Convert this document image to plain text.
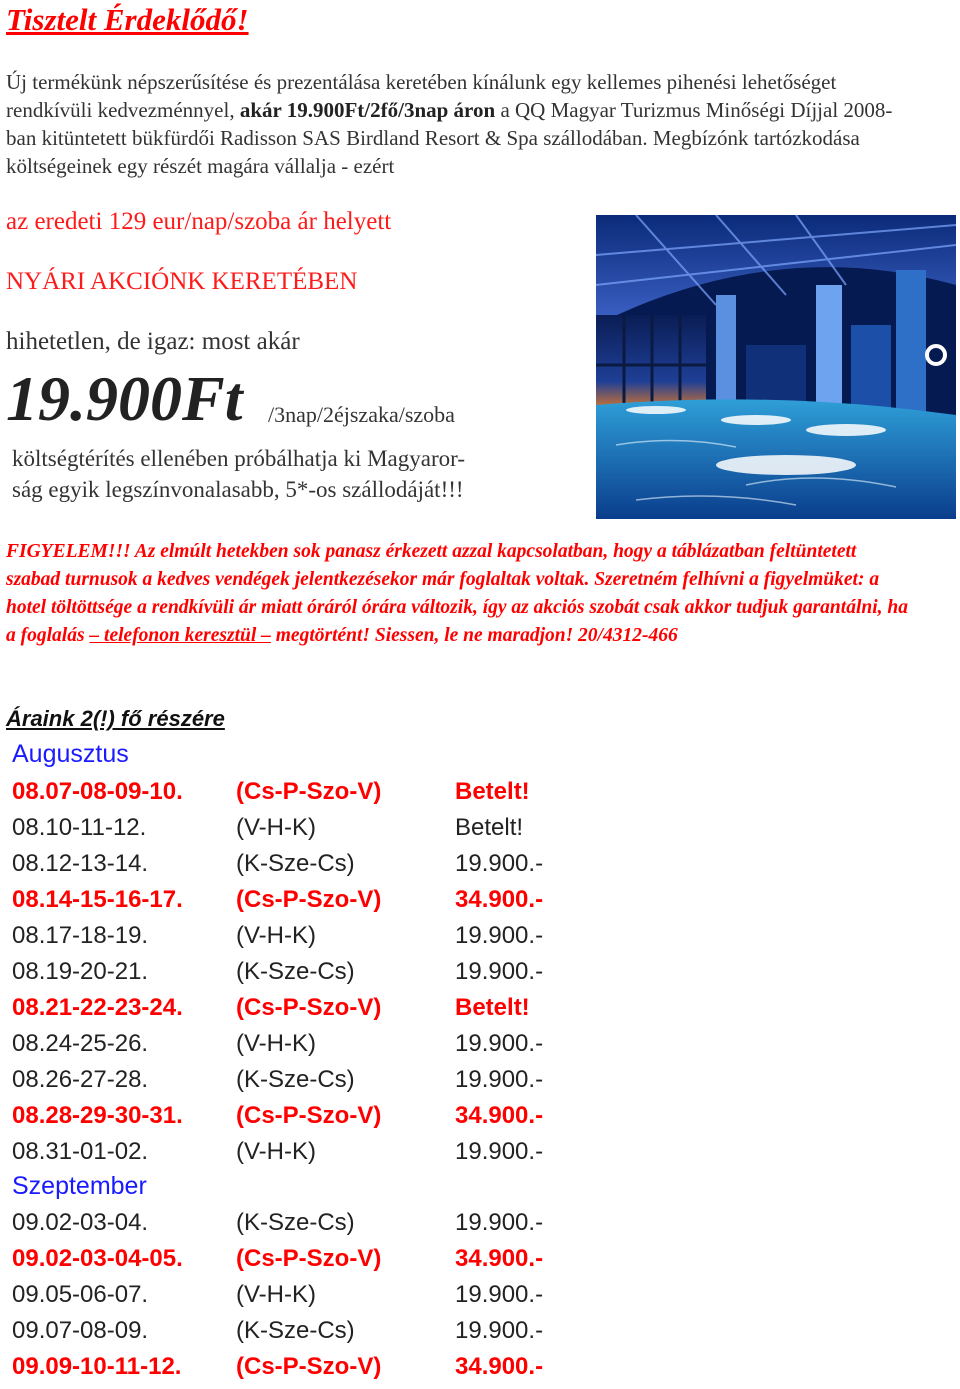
Tisztelt Érdeklődő!
Új termékünk népszerűsítése és prezentálása keretében kínálunk egy kellemes pihenési lehetőséget rendkívüli kedvezménnyel, akár 19.900Ft/2fő/3nap áron a QQ Magyar Turizmus Minőségi Díjjal 2008-ban kitüntetett bükfürdői Radisson SAS Birdland Resort & Spa szállodában. Megbízónk tartózkodása költségeinek egy részét magára vállalja - ezért
az eredeti 129 eur/nap/szoba ár helyett
NYÁRI AKCIÓNK KERETÉBEN
hihetetlen, de igaz: most akár
19.900Ft /3nap/2éjszaka/szoba
költségtérítés ellenében próbálhatja ki Magyaror-
ság egyik legszínvonalasabb, 5*-os szállodáját!!!
FIGYELEM!!! Az elmúlt hetekben sok panasz érkezett azzal kapcsolatban, hogy a táblázatban feltüntetett szabad turnusok a kedves vendégek jelentkezésekor már foglaltak voltak. Szeretném felhívni a figyelmüket: a hotel töltöttsége a rendkívüli ár miatt óráról órára változik, így az akciós szobát csak akkor tudjuk garantálni, ha a foglalás – telefonon keresztül – megtörtént! Siessen, le ne maradjon! 20/4312-466
Áraink 2(!) fő részére
Augusztus
08.07-08-09-10. (Cs-P-Szo-V)	Betelt!
08.10-11-12.	(V-H-K)	Betelt!
08.12-13-14.	(K-Sze-Cs)	19.900.-
08.14-15-16-17. (Cs-P-Szo-V)	34.900.-
08.17-18-19.	(V-H-K)	19.900.-
08.19-20-21.	(K-Sze-Cs)	19.900.-
08.21-22-23-24. (Cs-P-Szo-V)	Betelt!
08.24-25-26.	(V-H-K)	19.900.-
08.26-27-28.	(K-Sze-Cs)	19.900.-
08.28-29-30-31. (Cs-P-Szo-V)	34.900.-
08.31-01-02.	(V-H-K)	19.900.-
Szeptember
09.02-03-04.	(K-Sze-Cs)	19.900.-
09.02-03-04-05. (Cs-P-Szo-V)	34.900.-
09.05-06-07.	(V-H-K)	19.900.-
09.07-08-09.	(K-Sze-Cs)	19.900.-
09.09-10-11-12. (Cs-P-Szo-V)	34.900.-
